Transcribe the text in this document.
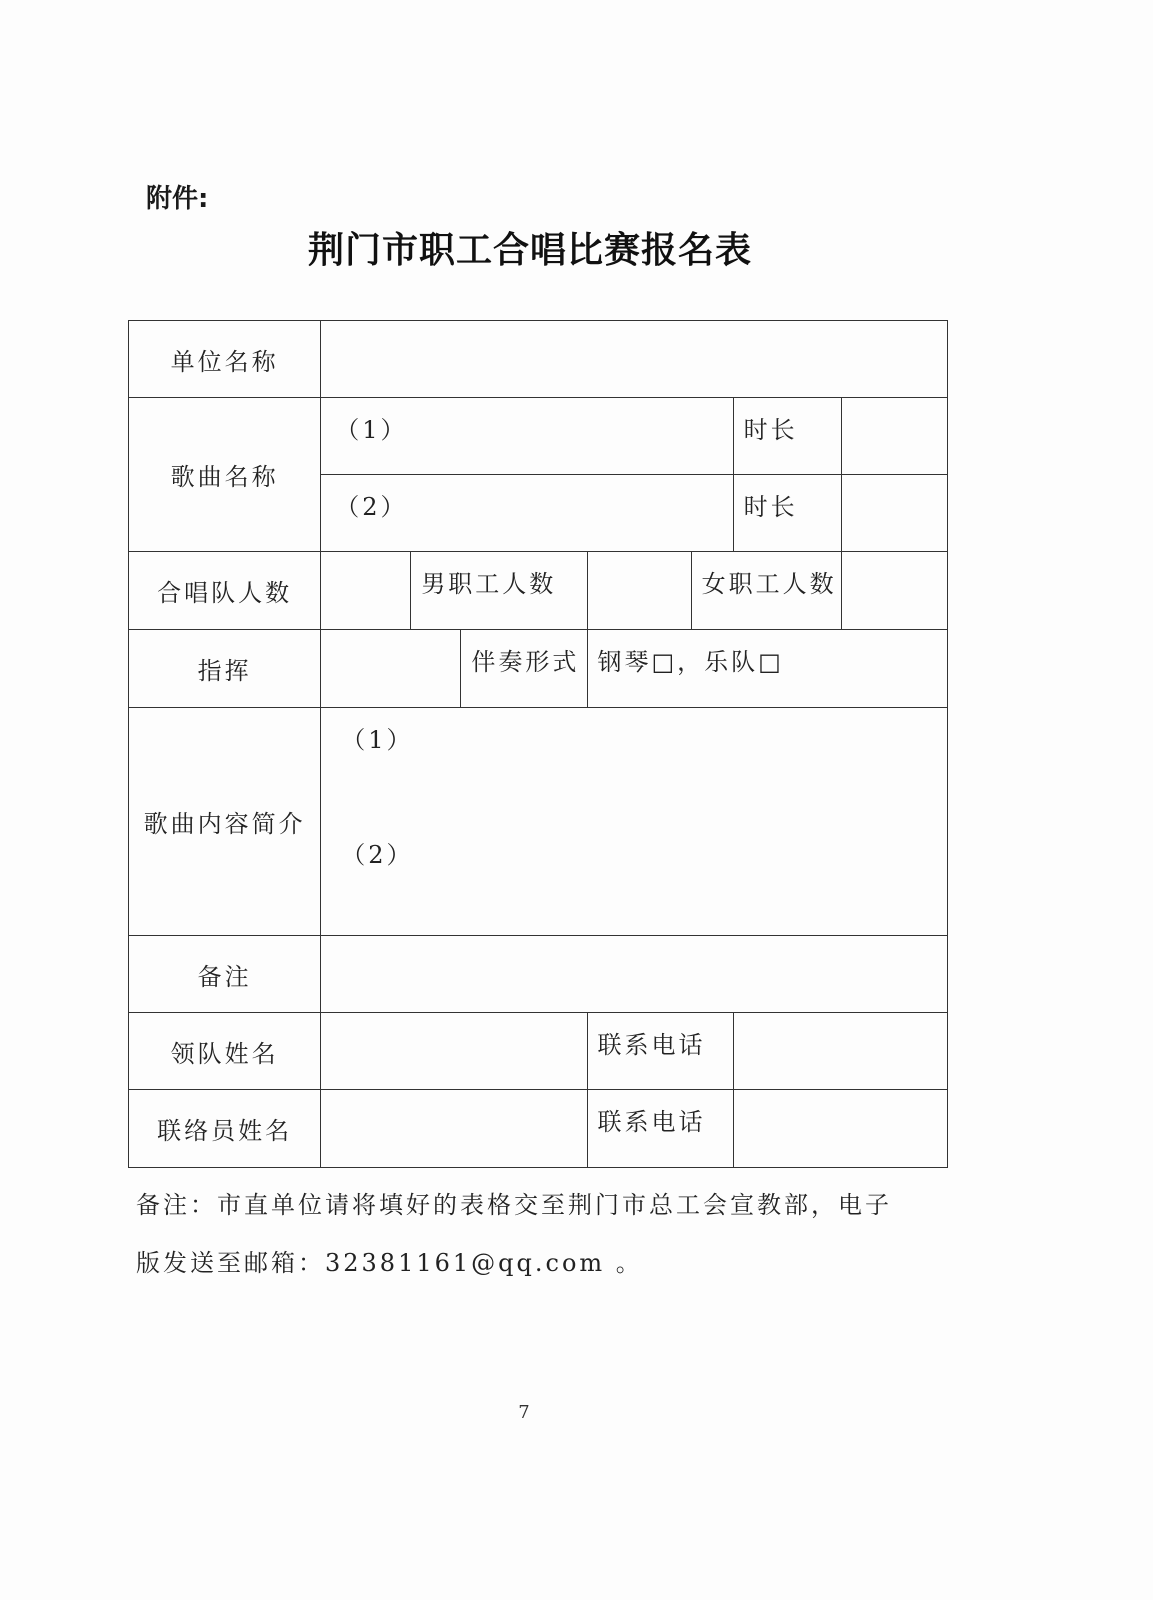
附件:
荆门市职工合唱比赛报名表
单位名称							
歌曲名称	（1）					时长	
	（2）					时长	
合唱队人数		男职工人数			女职工人数		
指挥			伴奏形式	钢琴□，乐队□			
歌曲内容简介	（1）
（2）						

备注							
领队姓名				联系电话			
联络员姓名				联系电话			
备注：市直单位请将填好的表格交至荆门市总工会宣教部，电子
版发送至邮箱：32381161@qq.com 。
7
